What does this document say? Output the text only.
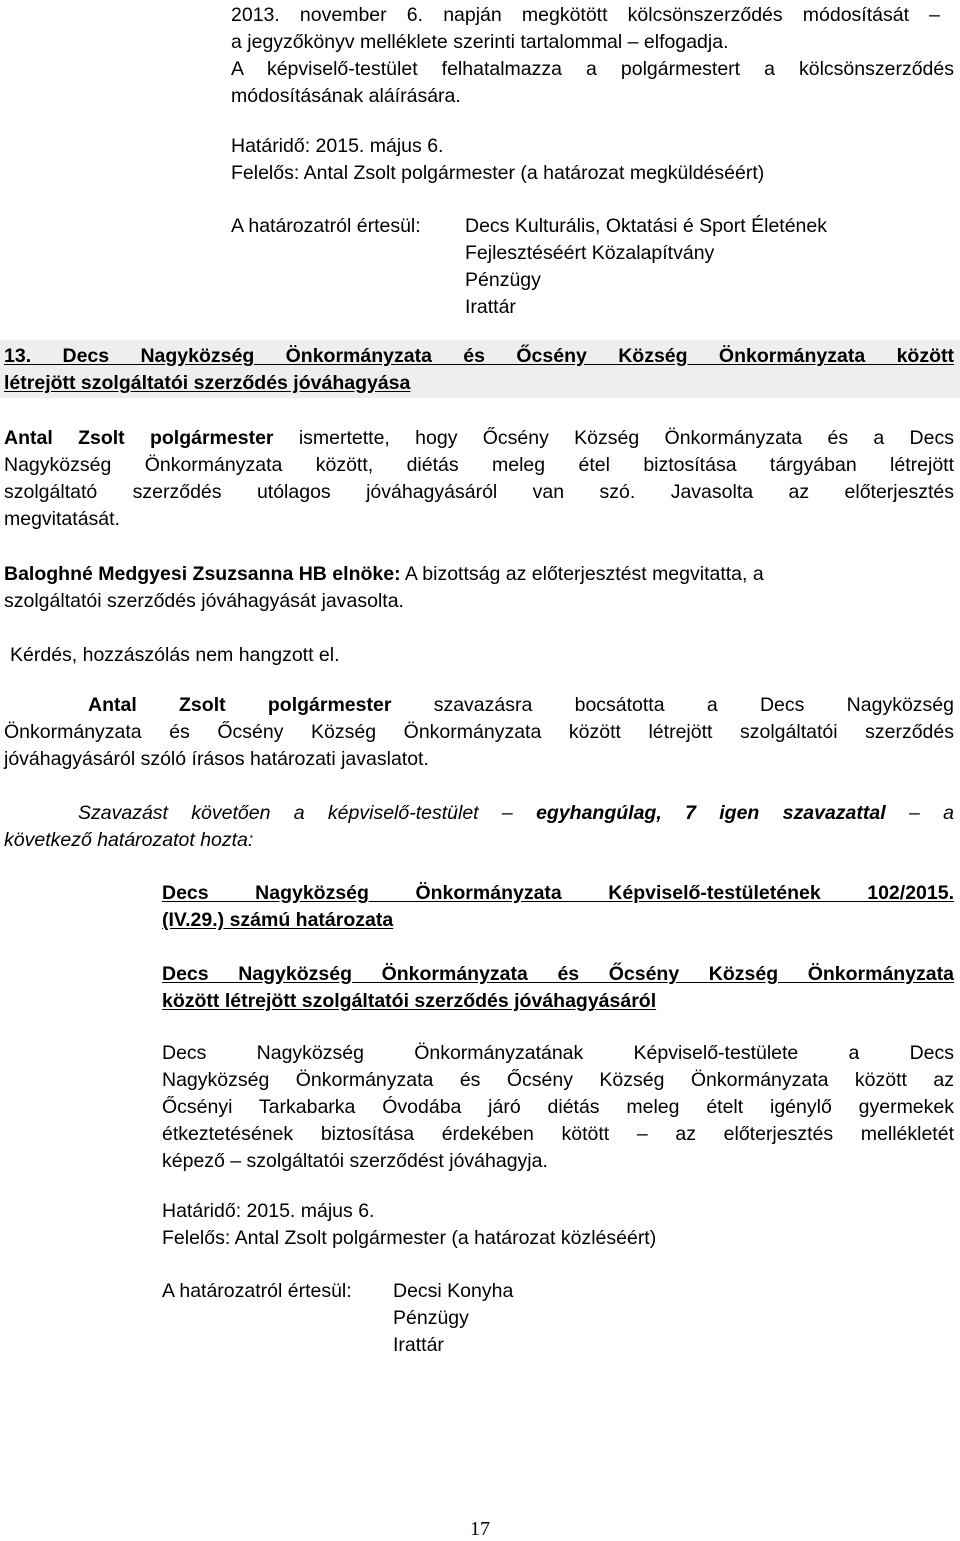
2013. november 6. napján megkötött kölcsönszerződés módosítását –
a jegyzőkönyv melléklete szerinti tartalommal – elfogadja.
A képviselő-testület felhatalmazza a polgármestert a kölcsönszerződés
módosításának aláírására.
Határidő: 2015. május 6.
Felelős: Antal Zsolt polgármester (a határozat megküldéséért)
A határozatról értesül: Decs Kulturális, Oktatási é Sport Életének
Fejlesztéséért Közalapítvány
Pénzügy
Irattár
13. Decs Nagyközség Önkormányzata és Őcsény Község Önkormányzata között
létrejött szolgáltatói szerződés jóváhagyása
Antal Zsolt polgármester ismertette, hogy Őcsény Község Önkormányzata és a Decs
Nagyközség Önkormányzata között, diétás meleg étel biztosítása tárgyában létrejött
szolgáltató szerződés utólagos jóváhagyásáról van szó. Javasolta az előterjesztés
megvitatását.
Baloghné Medgyesi Zsuzsanna HB elnöke: A bizottság az előterjesztést megvitatta, a
szolgáltatói szerződés jóváhagyását javasolta.
Kérdés, hozzászólás nem hangzott el.
Antal Zsolt polgármester szavazásra bocsátotta a Decs Nagyközség
Önkormányzata és Őcsény Község Önkormányzata között létrejött szolgáltatói szerződés
jóváhagyásáról szóló írásos határozati javaslatot.
Szavazást követően a képviselő-testület – egyhangúlag, 7 igen szavazattal – a
következő határozatot hozta:
Decs Nagyközség Önkormányzata Képviselő-testületének 102/2015.
(IV.29.) számú határozata
Decs Nagyközség Önkormányzata és Őcsény Község Önkormányzata
között létrejött szolgáltatói szerződés jóváhagyásáról
Decs Nagyközség Önkormányzatának Képviselő-testülete a Decs
Nagyközség Önkormányzata és Őcsény Község Önkormányzata között az
Őcsényi Tarkabarka Óvodába járó diétás meleg ételt igénylő gyermekek
étkeztetésének biztosítása érdekében kötött – az előterjesztés mellékletét
képező – szolgáltatói szerződést jóváhagyja.
Határidő: 2015. május 6.
Felelős: Antal Zsolt polgármester (a határozat közléséért)
A határozatról értesül: Decsi Konyha
Pénzügy
Irattár
17
